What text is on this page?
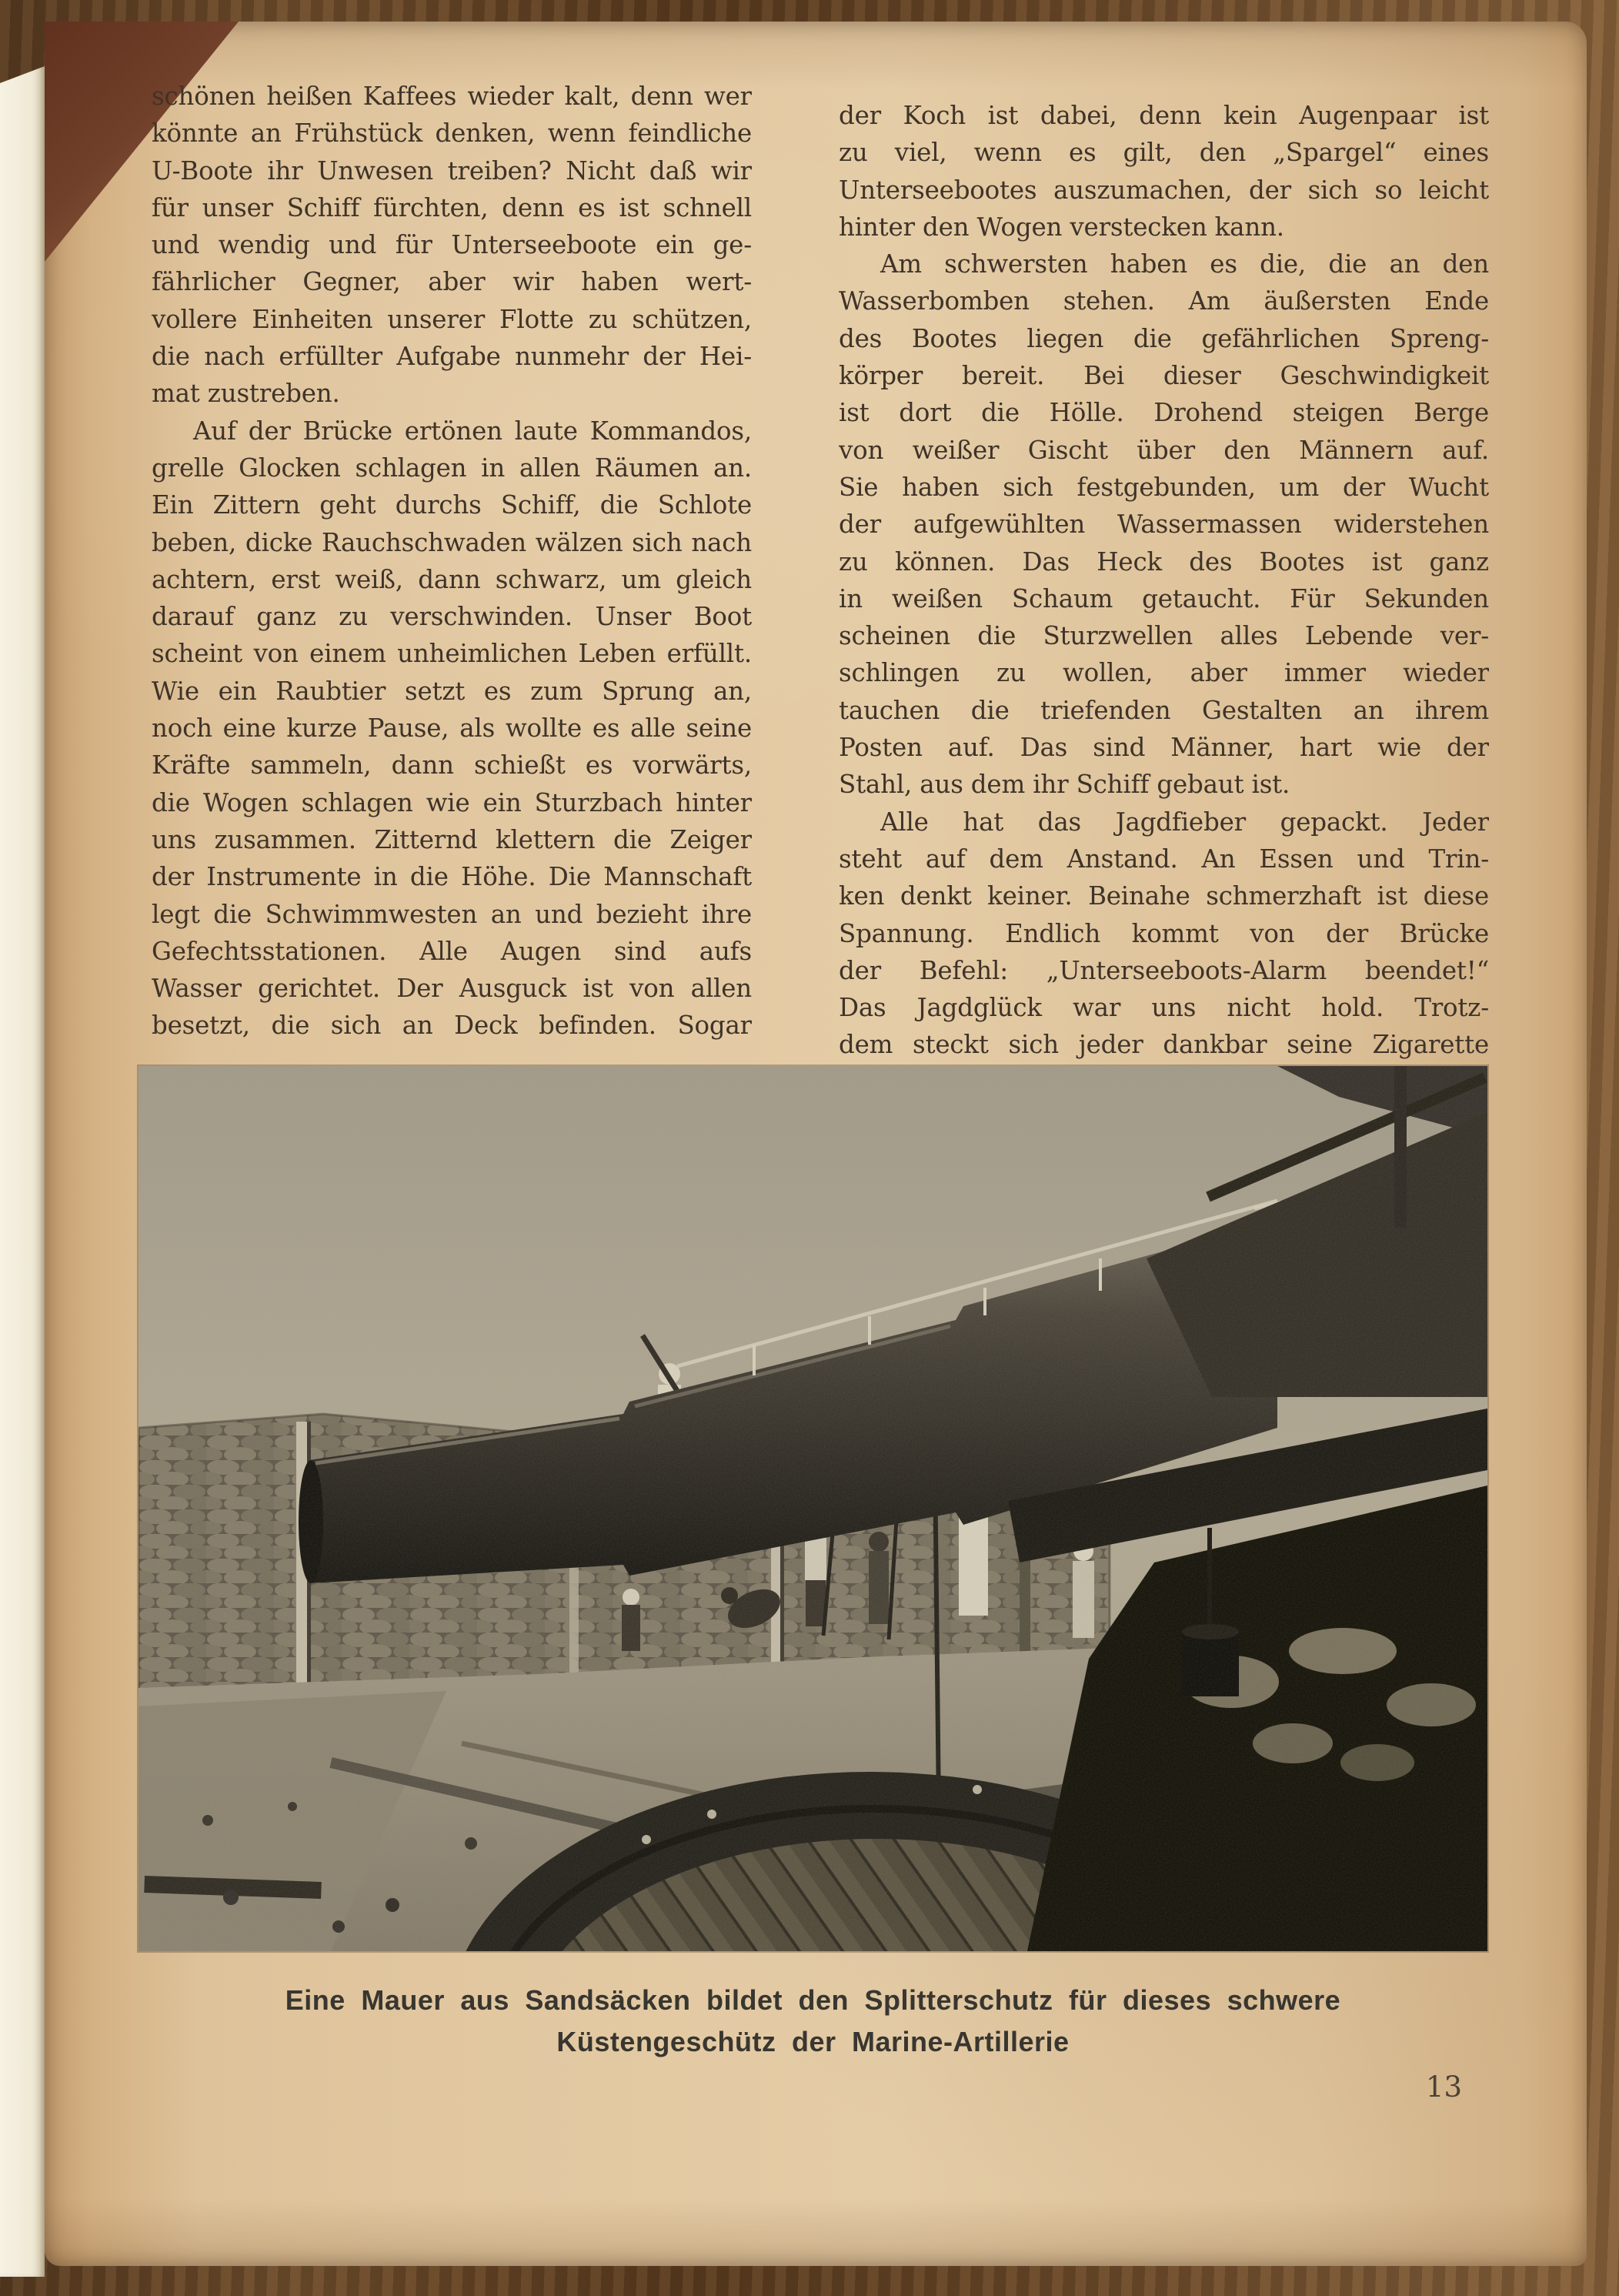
schönen heißen Kaffees wieder kalt, denn wer
könnte an Frühstück denken, wenn feindliche
U-Boote ihr Unwesen treiben? Nicht daß wir
für unser Schiff fürchten, denn es ist schnell
und wendig und für Unterseeboote ein ge-
fährlicher Gegner, aber wir haben wert-
vollere Einheiten unserer Flotte zu schützen,
die nach erfüllter Aufgabe nunmehr der Hei-
mat zustreben.
Auf der Brücke ertönen laute Kommandos,
grelle Glocken schlagen in allen Räumen an.
Ein Zittern geht durchs Schiff, die Schlote
beben, dicke Rauchschwaden wälzen sich nach
achtern, erst weiß, dann schwarz, um gleich
darauf ganz zu verschwinden. Unser Boot
scheint von einem unheimlichen Leben erfüllt.
Wie ein Raubtier setzt es zum Sprung an,
noch eine kurze Pause, als wollte es alle seine
Kräfte sammeln, dann schießt es vorwärts,
die Wogen schlagen wie ein Sturzbach hinter
uns zusammen. Zitternd klettern die Zeiger
der Instrumente in die Höhe. Die Mannschaft
legt die Schwimmwesten an und bezieht ihre
Gefechtsstationen. Alle Augen sind aufs
Wasser gerichtet. Der Ausguck ist von allen
besetzt, die sich an Deck befinden. Sogar
der Koch ist dabei, denn kein Augenpaar ist
zu viel, wenn es gilt, den „Spargel“ eines
Unterseebootes auszumachen, der sich so leicht
hinter den Wogen verstecken kann.
Am schwersten haben es die, die an den
Wasserbomben stehen. Am äußersten Ende
des Bootes liegen die gefährlichen Spreng-
körper bereit. Bei dieser Geschwindigkeit
ist dort die Hölle. Drohend steigen Berge
von weißer Gischt über den Männern auf.
Sie haben sich festgebunden, um der Wucht
der aufgewühlten Wassermassen widerstehen
zu können. Das Heck des Bootes ist ganz
in weißen Schaum getaucht. Für Sekunden
scheinen die Sturzwellen alles Lebende ver-
schlingen zu wollen, aber immer wieder
tauchen die triefenden Gestalten an ihrem
Posten auf. Das sind Männer, hart wie der
Stahl, aus dem ihr Schiff gebaut ist.
Alle hat das Jagdfieber gepackt. Jeder
steht auf dem Anstand. An Essen und Trin-
ken denkt keiner. Beinahe schmerzhaft ist diese
Spannung. Endlich kommt von der Brücke
der Befehl: „Unterseeboots-Alarm beendet!“
Das Jagdglück war uns nicht hold. Trotz-
dem steckt sich jeder dankbar seine Zigarette
Eine Mauer aus Sandsäcken bildet den Splitterschutz für dieses schwere
Küstengeschütz der Marine-Artillerie
13
